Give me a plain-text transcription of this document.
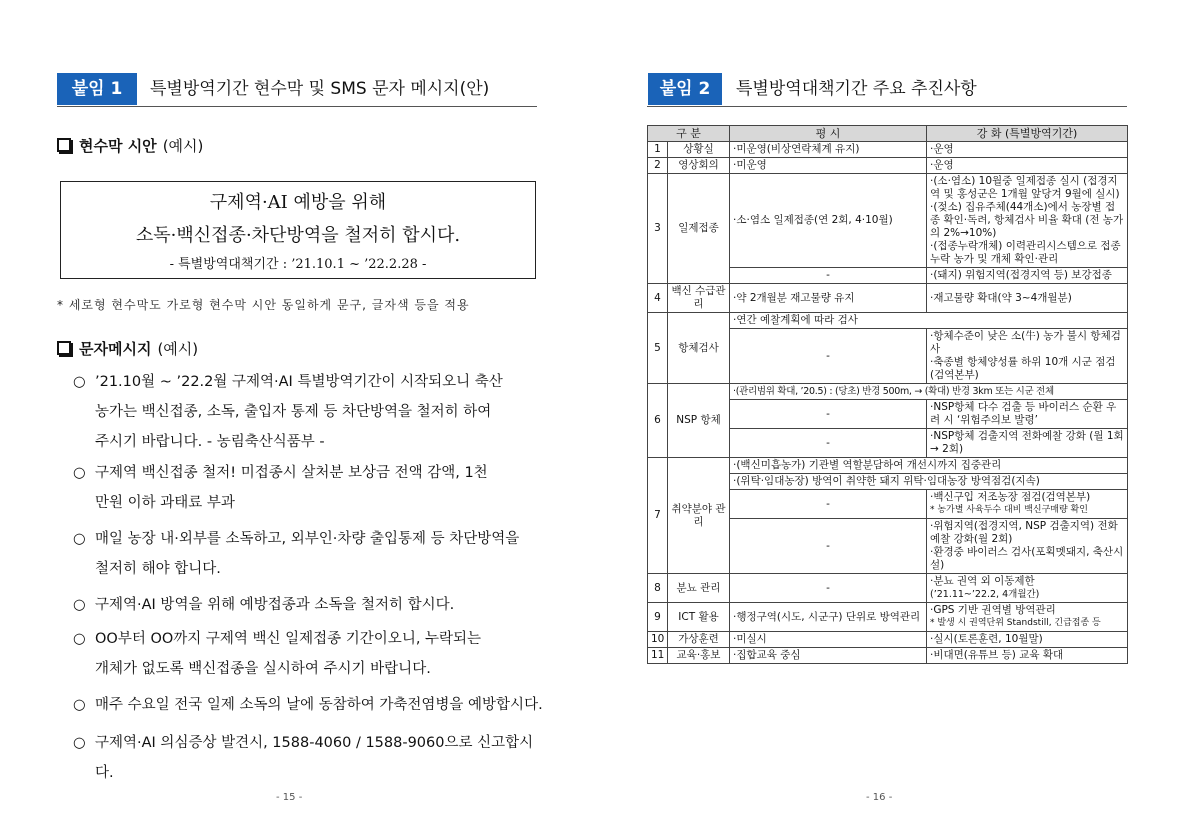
붙임 1	특별방역기간 현수막 및 SMS 문자 메시지(안)
현수막 시안 (예시)
구제역·AI 예방을 위해
소독·백신접종·차단방역을 철저히 합시다.
- 특별방역대책기간 : ’21.10.1 ~ ’22.2.28 -
* 세로형 현수막도 가로형 현수막 시안 동일하게 문구, 글자색 등을 적용
문자메시지 (예시)
○ ’21.10월 ~ ’22.2월 구제역·AI 특별방역기간이 시작되오니 축산
농가는 백신접종, 소독, 출입자 통제 등 차단방역을 철저히 하여
주시기 바랍니다. - 농림축산식품부 -
○ 구제역 백신접종 철저! 미접종시 살처분 보상금 전액 감액, 1천
만원 이하 과태료 부과
○ 매일 농장 내·외부를 소독하고, 외부인·차량 출입통제 등 차단방역을
철저히 해야 합니다.
○ 구제역·AI 방역을 위해 예방접종과 소독을 철저히 합시다.
○ OO부터 OO까지 구제역 백신 일제접종 기간이오니, 누락되는
개체가 없도록 백신접종을 실시하여 주시기 바랍니다.
○ 매주 수요일 전국 일제 소독의 날에 동참하여 가축전염병을 예방합시다.
○ 구제역·AI 의심증상 발견시, 1588-4060 / 1588-9060으로 신고합시다.
- 15 -
붙임 2	특별방역대책기간 주요 추진사항
구 분		평 시	강 화 (특별방역기간)
1	상황실	·미운영(비상연락체계 유지)	·운영
2	영상회의	·미운영	·운영
3	일제접종	·소·염소 일제접종(연 2회, 4·10월)	·(소·염소) 10월중 일제접종 실시 (접경지역 및 홍성군은 1개월 앞당겨 9월에 실시)
·(젖소) 집유주체(44개소)에서 농장별 접종 확인·독려, 항체검사 비율 확대 (전 농가의 2%→10%)
·(접종누락개체) 이력관리시스템으로 접종 누락 농가 및 개체 확인·관리

		-	·(돼지) 위험지역(접경지역 등) 보강접종
4	백신 수급관리	·약 2개월분 재고물량 유지	·재고물량 확대(약 3~4개월분)
5	항체검사	·연간 예찰계획에 따라 검사	
		-	·항체수준이 낮은 소(牛) 농가 불시 항체검사
·축종별 항체양성률 하위 10개 시군 점검(검역본부)

6	NSP 항체	·(관리범위 확대, ’20.5) : (당초) 반경 500m, → (확대) 반경 3km 또는 시군 전체	
		-	·NSP항체 다수 검출 등 바이러스 순환 우려 시 ‘위험주의보 발령’
		-	·NSP항체 검출지역 전화예찰 강화 (월 1회 → 2회)
7	취약분야 관리	·(백신미흡농가) 기관별 역할분담하여 개선시까지 집중관리	
		·(위탁·임대농장) 방역이 취약한 돼지 위탁·임대농장 방역점검(지속)	
		-	·백신구입 저조농장 점검(검역본부)
* 농가별 사육두수 대비 백신구매량 확인

		-	·위험지역(접경지역, NSP 검출지역) 전화예찰 강화(월 2회)
·환경중 바이러스 검사(포획멧돼지, 축산시설)

8	분뇨 관리	-	·분뇨 권역 외 이동제한
(’21.11~’22.2, 4개월간)

9	ICT 활용	·행정구역(시도, 시군구) 단위로 방역관리	·GPS 기반 권역별 방역관리
* 발생 시 권역단위 Standstill, 긴급접종 등

10	가상훈련	·미실시	·실시(토론훈련, 10월말)
11	교육·홍보	·집합교육 중심	·비대면(유튜브 등) 교육 확대
- 16 -
